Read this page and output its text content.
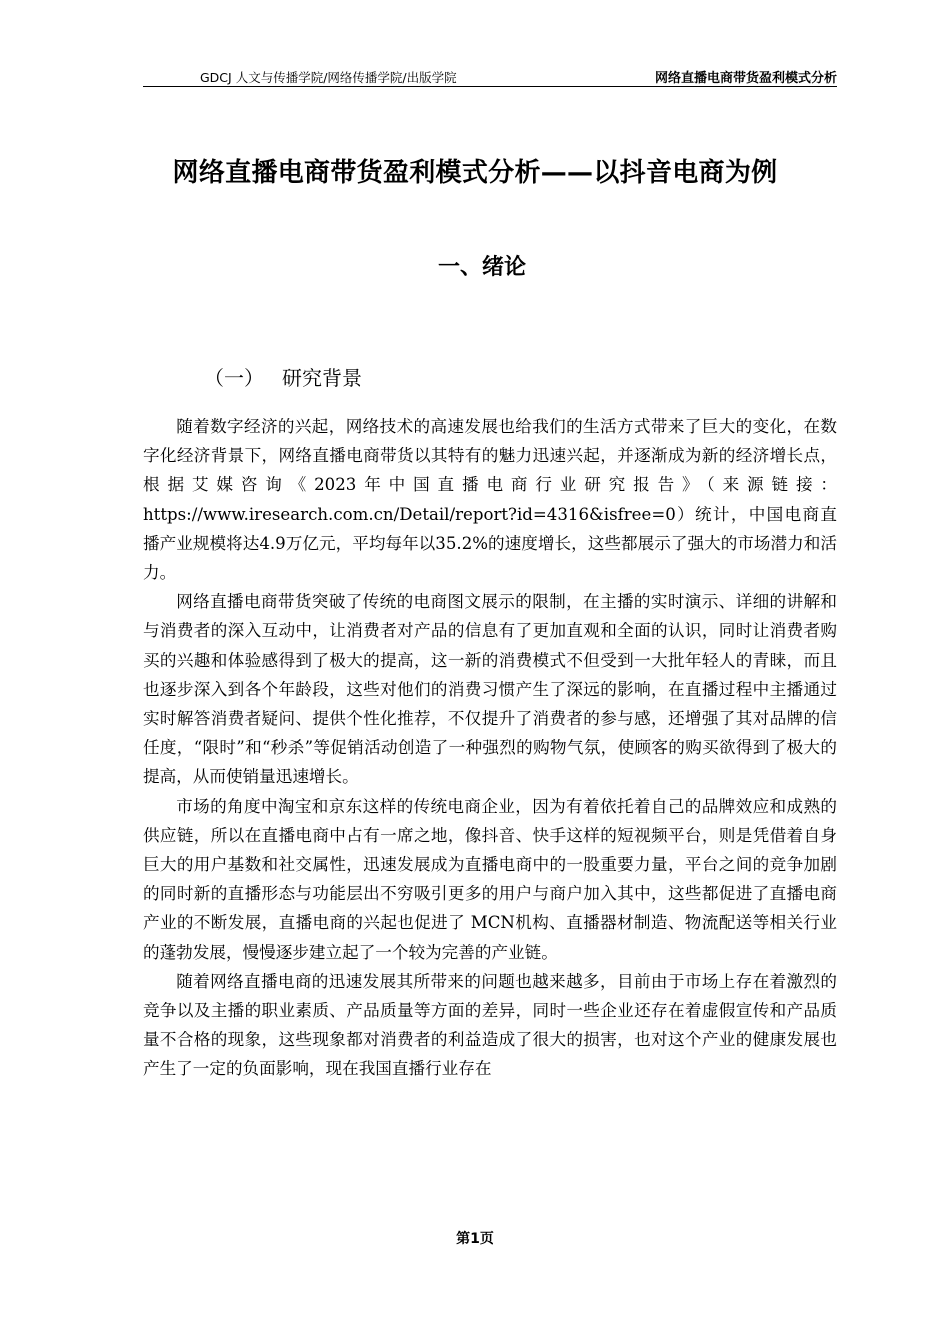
GDCJ 人文与传播学院/网络传播学院/出版学院	网络直播电商带货盈利模式分析
网络直播电商带货盈利模式分析——以抖音电商为例
一、绪论
（一） 研究背景

随着数字经济的兴起，网络技术的高速发展也给我们的生活方式带来了巨大的变化，在数字化经济背景下，网络直播电商带货以其特有的魅力迅速兴起，并逐渐成为新的经济增长点，根据艾媒咨询《2023年中国直播电商行业研究报告》（来源链接：https://www.iresearch.com.cn/Detail/report?id=4316&isfree=0）统计，中国电商直播产业规模将达4.9万亿元，平均每年以35.2%的速度增长，这些都展示了强大的市场潜力和活力。

网络直播电商带货突破了传统的电商图文展示的限制，在主播的实时演示、详细的讲解和与消费者的深入互动中，让消费者对产品的信息有了更加直观和全面的认识，同时让消费者购买的兴趣和体验感得到了极大的提高，这一新的消费模式不但受到一大批年轻人的青睐，而且也逐步深入到各个年龄段，这些对他们的消费习惯产生了深远的影响，在直播过程中主播通过实时解答消费者疑问、提供个性化推荐，不仅提升了消费者的参与感，还增强了其对品牌的信任度，“限时”和“秒杀”等促销活动创造了一种强烈的购物气氛，使顾客的购买欲得到了极大的提高，从而使销量迅速增长。

市场的角度中淘宝和京东这样的传统电商企业，因为有着依托着自己的品牌效应和成熟的供应链，所以在直播电商中占有一席之地，像抖音、快手这样的短视频平台，则是凭借着自身巨大的用户基数和社交属性，迅速发展成为直播电商中的一股重要力量，平台之间的竞争加剧的同时新的直播形态与功能层出不穷吸引更多的用户与商户加入其中，这些都促进了直播电商产业的不断发展，直播电商的兴起也促进了 MCN机构、直播器材制造、物流配送等相关行业的蓬勃发展，慢慢逐步建立起了一个较为完善的产业链。

随着网络直播电商的迅速发展其所带来的问题也越来越多，目前由于市场上存在着激烈的竞争以及主播的职业素质、产品质量等方面的差异，同时一些企业还存在着虚假宣传和产品质量不合格的现象，这些现象都对消费者的利益造成了很大的损害，也对这个产业的健康发展也产生了一定的负面影响，现在我国直播行业存在

第1页
